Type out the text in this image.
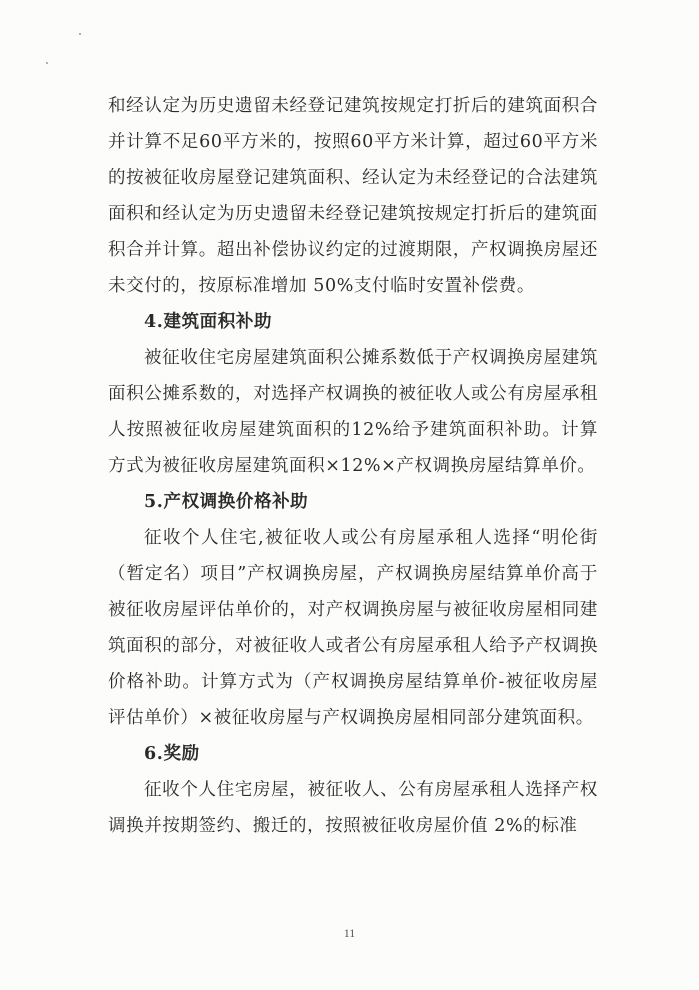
和经认定为历史遗留未经登记建筑按规定打折后的建筑面积合并计算不足60平方米的，按照60平方米计算，超过60平方米的按被征收房屋登记建筑面积、经认定为未经登记的合法建筑面积和经认定为历史遗留未经登记建筑按规定打折后的建筑面积合并计算。超出补偿协议约定的过渡期限，产权调换房屋还未交付的，按原标准增加 50%支付临时安置补偿费。

4.建筑面积补助

被征收住宅房屋建筑面积公摊系数低于产权调换房屋建筑面积公摊系数的，对选择产权调换的被征收人或公有房屋承租人按照被征收房屋建筑面积的12%给予建筑面积补助。计算方式为被征收房屋建筑面积×12%×产权调换房屋结算单价。

5.产权调换价格补助

征收个人住宅,被征收人或公有房屋承租人选择“明伦街（暂定名）项目”产权调换房屋，产权调换房屋结算单价高于被征收房屋评估单价的，对产权调换房屋与被征收房屋相同建筑面积的部分，对被征收人或者公有房屋承租人给予产权调换价格补助。计算方式为（产权调换房屋结算单价-被征收房屋评估单价）×被征收房屋与产权调换房屋相同部分建筑面积。

6.奖励

征收个人住宅房屋，被征收人、公有房屋承租人选择产权调换并按期签约、搬迁的，按照被征收房屋价值 2%的标准

11
